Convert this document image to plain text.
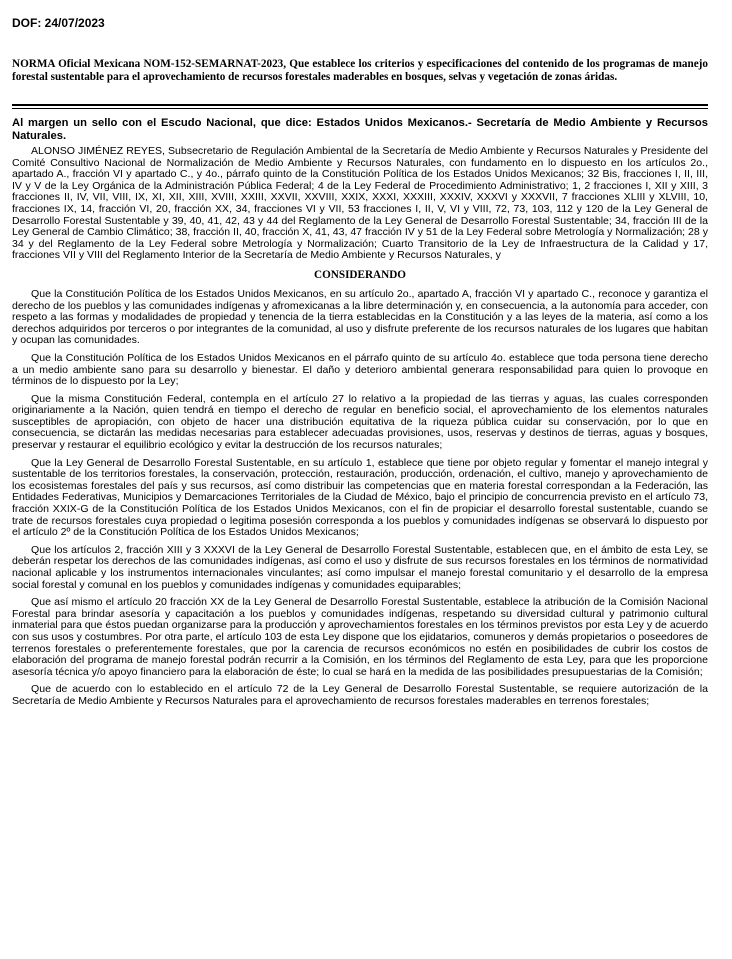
DOF: 24/07/2023
NORMA Oficial Mexicana NOM-152-SEMARNAT-2023, Que establece los criterios y especificaciones del contenido de los programas de manejo forestal sustentable para el aprovechamiento de recursos forestales maderables en bosques, selvas y vegetación de zonas áridas.

Al margen un sello con el Escudo Nacional, que dice: Estados Unidos Mexicanos.- Secretaría de Medio Ambiente y Recursos Naturales.

ALONSO JIMÉNEZ REYES, Subsecretario de Regulación Ambiental de la Secretaría de Medio Ambiente y Recursos Naturales y Presidente del Comité Consultivo Nacional de Normalización de Medio Ambiente y Recursos Naturales, con fundamento en lo dispuesto en los artículos 2o., apartado A., fracción VI y apartado C., y 4o., párrafo quinto de la Constitución Política de los Estados Unidos Mexicanos; 32 Bis, fracciones I, II, III, IV y V de la Ley Orgánica de la Administración Pública Federal; 4 de la Ley Federal de Procedimiento Administrativo; 1, 2 fracciones I, XII y XIII, 3 fracciones II, IV, VII, VIII, IX, XI, XII, XIII, XVIII, XXIII, XXVII, XXVIII, XXIX, XXXI, XXXIII, XXXIV, XXXVI y XXXVII, 7 fracciones XLIII y XLVIII, 10, fracciones IX, 14, fracción VI, 20, fracción XX, 34, fracciones VI y VII, 53 fracciones I, II, V, VI y VIII, 72, 73, 103, 112 y 120 de la Ley General de Desarrollo Forestal Sustentable y 39, 40, 41, 42, 43 y 44 del Reglamento de la Ley General de Desarrollo Forestal Sustentable; 34, fracción III de la Ley General de Cambio Climático; 38, fracción II, 40, fracción X, 41, 43, 47 fracción IV y 51 de la Ley Federal sobre Metrología y Normalización; 28 y 34 y del Reglamento de la Ley Federal sobre Metrología y Normalización; Cuarto Transitorio de la Ley de Infraestructura de la Calidad y 17, fracciones VII y VIII del Reglamento Interior de la Secretaría de Medio Ambiente y Recursos Naturales, y

CONSIDERANDO

Que la Constitución Política de los Estados Unidos Mexicanos, en su artículo 2o., apartado A, fracción VI y apartado C., reconoce y garantiza el derecho de los pueblos y las comunidades indígenas y afromexicanas a la libre determinación y, en consecuencia, a la autonomía para acceder, con respeto a las formas y modalidades de propiedad y tenencia de la tierra establecidas en la Constitución y a las leyes de la materia, así como a los derechos adquiridos por terceros o por integrantes de la comunidad, al uso y disfrute preferente de los recursos naturales de los lugares que habitan y ocupan las comunidades.

Que la Constitución Política de los Estados Unidos Mexicanos en el párrafo quinto de su artículo 4o. establece que toda persona tiene derecho a un medio ambiente sano para su desarrollo y bienestar. El daño y deterioro ambiental generara responsabilidad para quien lo provoque en términos de lo dispuesto por la Ley;

Que la misma Constitución Federal, contempla en el artículo 27 lo relativo a la propiedad de las tierras y aguas, las cuales corresponden originariamente a la Nación, quien tendrá en tiempo el derecho de regular en beneficio social, el aprovechamiento de los elementos naturales susceptibles de apropiación, con objeto de hacer una distribución equitativa de la riqueza pública cuidar su conservación, por lo que en consecuencia, se dictarán las medidas necesarias para establecer adecuadas provisiones, usos, reservas y destinos de tierras, aguas y bosques, preservar y restaurar el equilibrio ecológico y evitar la destrucción de los recursos naturales;

Que la Ley General de Desarrollo Forestal Sustentable, en su artículo 1, establece que tiene por objeto regular y fomentar el manejo integral y sustentable de los territorios forestales, la conservación, protección, restauración, producción, ordenación, el cultivo, manejo y aprovechamiento de los ecosistemas forestales del país y sus recursos, así como distribuir las competencias que en materia forestal correspondan a la Federación, las Entidades Federativas, Municipios y Demarcaciones Territoriales de la Ciudad de México, bajo el principio de concurrencia previsto en el artículo 73, fracción XXIX-G de la Constitución Política de los Estados Unidos Mexicanos, con el fin de propiciar el desarrollo forestal sustentable, cuando se trate de recursos forestales cuya propiedad o legitima posesión corresponda a los pueblos y comunidades indígenas se observará lo dispuesto por el artículo 2º de la Constitución Política de los Estados Unidos Mexicanos;

Que los artículos 2, fracción XIII y 3 XXXVI de la Ley General de Desarrollo Forestal Sustentable, establecen que, en el ámbito de esta Ley, se deberán respetar los derechos de las comunidades indígenas, así como el uso y disfrute de sus recursos forestales en los términos de normatividad nacional aplicable y los instrumentos internacionales vinculantes; así como impulsar el manejo forestal comunitario y el desarrollo de la empresa social forestal y comunal en los pueblos y comunidades indígenas y comunidades equiparables;

Que así mismo el artículo 20 fracción XX de la Ley General de Desarrollo Forestal Sustentable, establece la atribución de la Comisión Nacional Forestal para brindar asesoría y capacitación a los pueblos y comunidades indígenas, respetando su diversidad cultural y patrimonio cultural inmaterial para que éstos puedan organizarse para la producción y aprovechamientos forestales en los términos previstos por esta Ley y de acuerdo con sus usos y costumbres. Por otra parte, el artículo 103 de esta Ley dispone que los ejidatarios, comuneros y demás propietarios o poseedores de terrenos forestales o preferentemente forestales, que por la carencia de recursos económicos no estén en posibilidades de cubrir los costos de elaboración del programa de manejo forestal podrán recurrir a la Comisión, en los términos del Reglamento de esta Ley, para que les proporcione asesoría técnica y/o apoyo financiero para la elaboración de éste; lo cual se hará en la medida de las posibilidades presupuestarias de la Comisión;

Que de acuerdo con lo establecido en el artículo 72 de la Ley General de Desarrollo Forestal Sustentable, se requiere autorización de la Secretaría de Medio Ambiente y Recursos Naturales para el aprovechamiento de recursos forestales maderables en terrenos forestales;
